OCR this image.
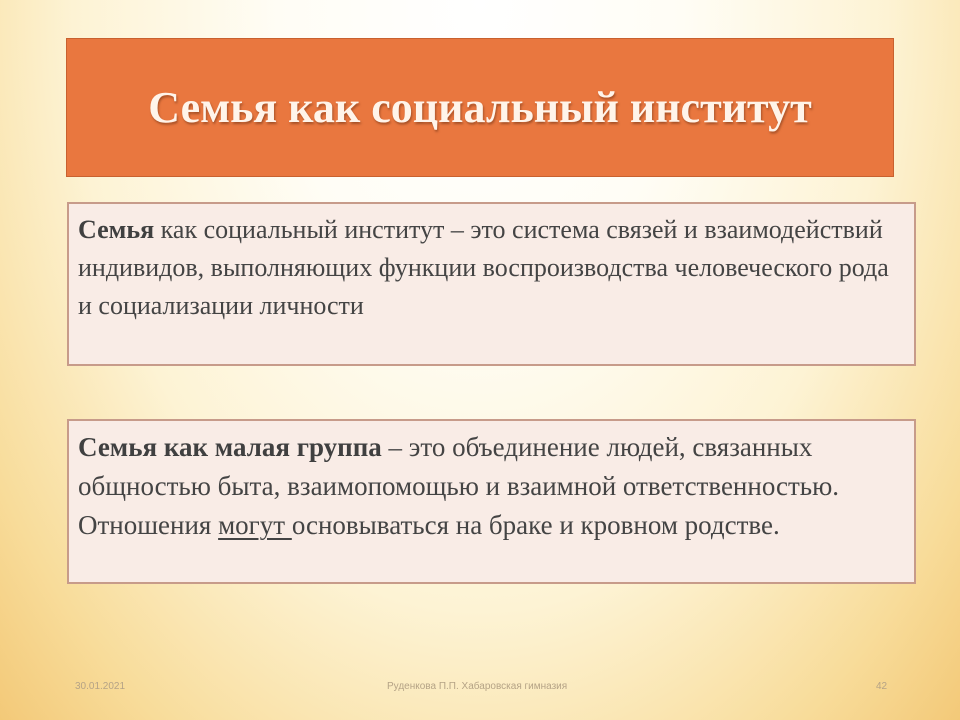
Семья как социальный институт
Семья как социальный институт – это система связей и взаимодействий индивидов, выполняющих функции воспроизводства человеческого рода и социализации личности
Семья как малая группа – это объединение людей, связанных общностью быта, взаимопомощью и взаимной ответственностью. Отношения могут основываться на браке и кровном родстве.
30.01.2021	Руденкова П.П. Хабаровская гимназия	42
